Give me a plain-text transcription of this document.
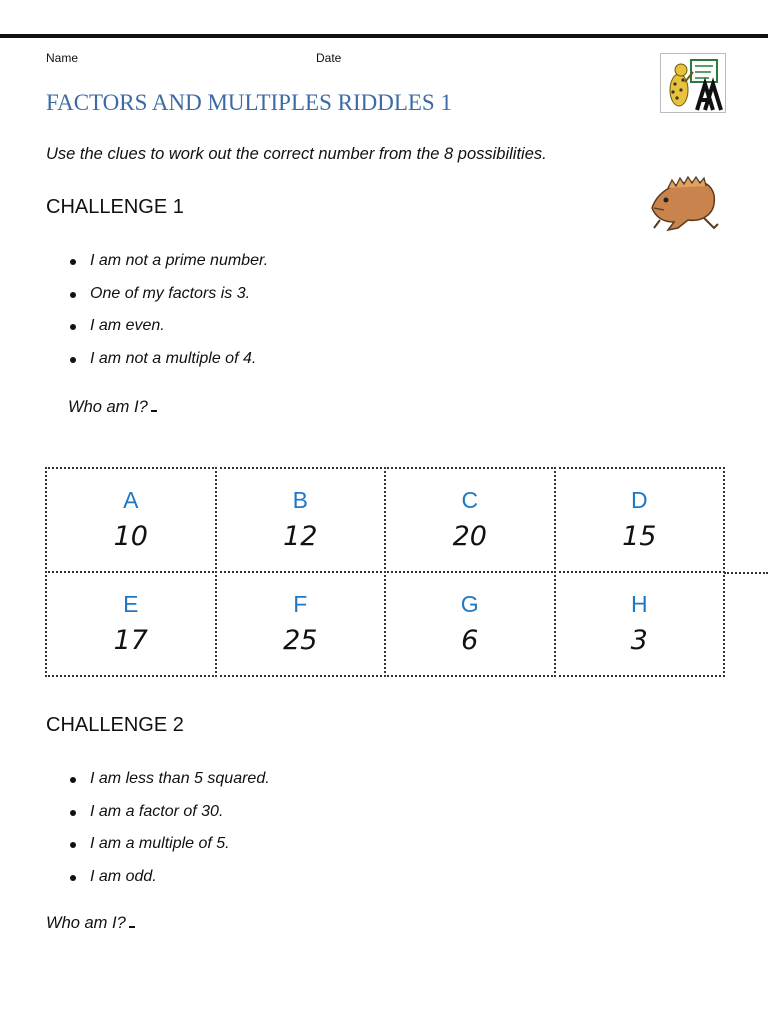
Name	Date
FACTORS AND MULTIPLES RIDDLES 1

Use the clues to work out the correct number from the 8 possibilities.

CHALLENGE 1
I am not a prime number.
One of my factors is 3.
I am even.
I am not a multiple of 4.

Who am I?

A
10
B
12
C
20
D
15
E
17
F
25
G
6
H
3
CHALLENGE 2
I am less than 5 squared.
I am a factor of 30.
I am a multiple of 5.
I am odd.

Who am I?
